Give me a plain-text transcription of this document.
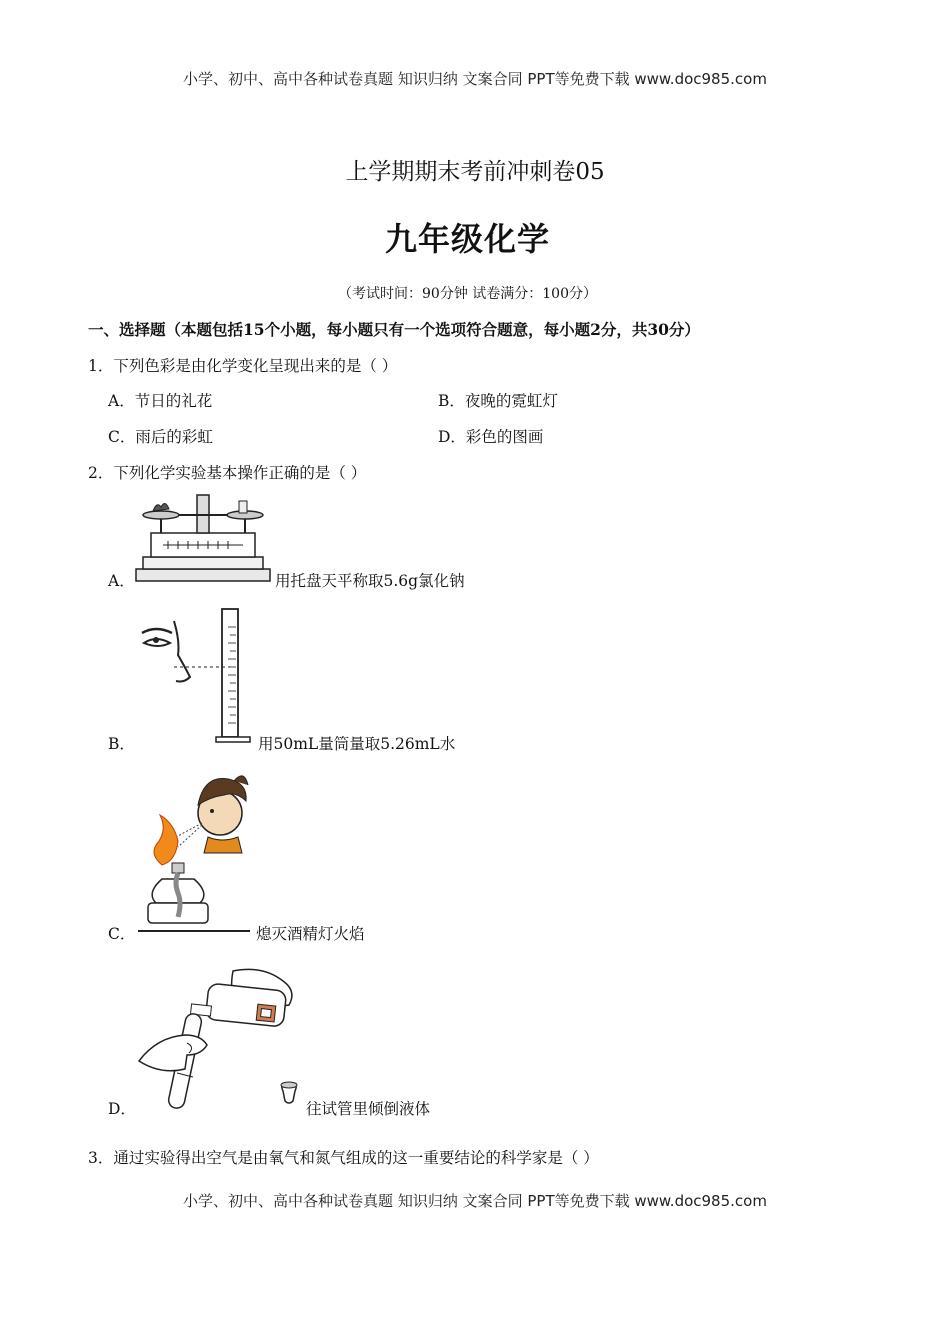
小学、初中、高中各种试卷真题 知识归纳 文案合同 PPT等免费下载 www.doc985.com
上学期期末考前冲刺卷05
九年级化学
（考试时间：90分钟 试卷满分：100分）
一、选择题（本题包括15个小题，每小题只有一个选项符合题意，每小题2分，共30分）
1．下列色彩是由化学变化呈现出来的是（ ）
A．节日的礼花	B．夜晚的霓虹灯
C．雨后的彩虹	D．彩色的图画
2．下列化学实验基本操作正确的是（ ）
A．	用托盘天平称取5.6g氯化钠
B．	用50mL量筒量取5.26mL水
C．	熄灭酒精灯火焰
D．	往试管里倾倒液体
3．通过实验得出空气是由氧气和氮气组成的这一重要结论的科学家是（ ）
小学、初中、高中各种试卷真题 知识归纳 文案合同 PPT等免费下载 www.doc985.com
